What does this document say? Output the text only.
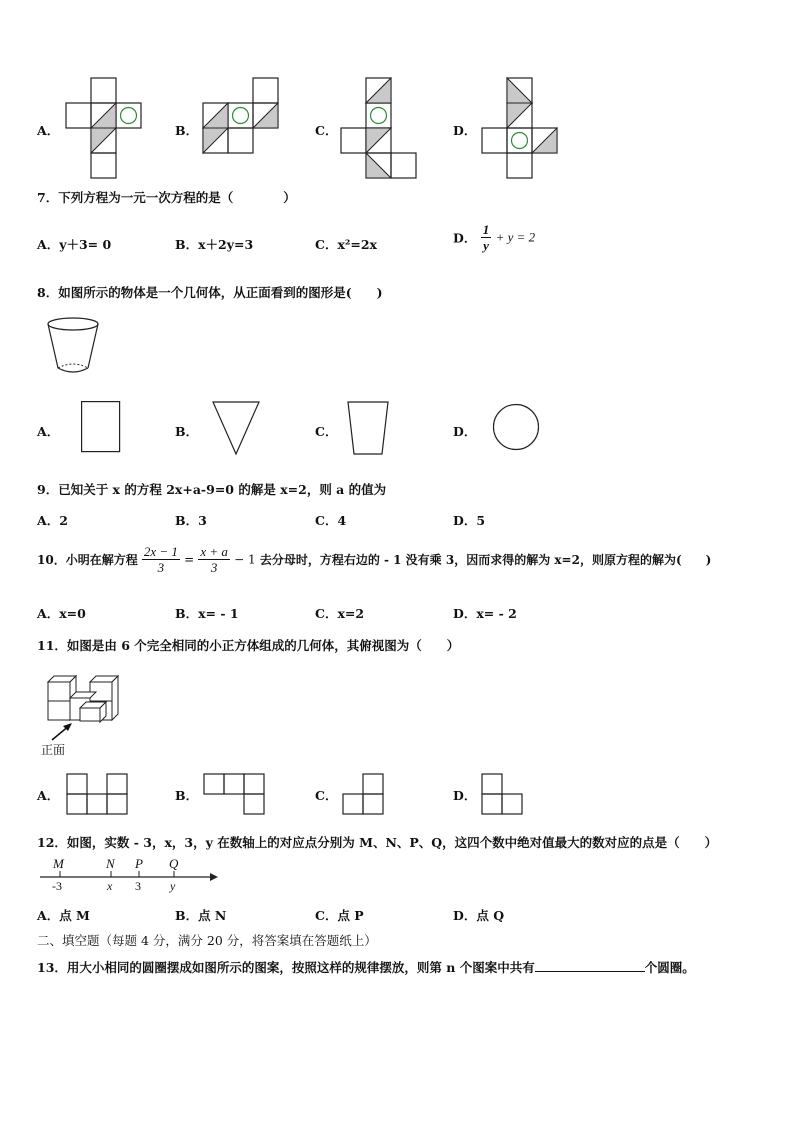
A．	B．	C．	D．
7．下列方程为一元一次方程的是（　　　　）
A．y＋3= 0	B．x＋2y=3	C．x²=2x	D． $\frac{1}{y} + y = 2$
8．如图所示的物体是一个几何体，从正面看到的图形是(　　)
A．	B．	C．	D．
9．已知关于 x 的方程 2x+a-9=0 的解是 x=2，则 a 的值为
A．2	B．3	C．4	D．5
10．小明在解方程 $\frac{2x - 1}{3} = \frac{x + a}{3} - 1$ 去分母时，方程右边的 - 1 没有乘 3，因而求得的解为 x=2，则原方程的解为(　　)
A．x=0	B．x= - 1	C．x=2	D．x= - 2
11．如图是由 6 个完全相同的小正方体组成的几何体，其俯视图为（　　）
正面
A．	B．	C．	D．
12．如图，实数 - 3，x，3，y 在数轴上的对应点分别为 M、N、P、Q，这四个数中绝对值最大的数对应的点是（　　）
M	N P Q
-3	x 3 y
A．点 M	B．点 N	C．点 P	D．点 Q
二、填空题（每题 4 分，满分 20 分，将答案填在答题纸上）
13．用大小相同的圆圈摆成如图所示的图案，按照这样的规律摆放，则第 n 个图案中共有	个圆圈。
